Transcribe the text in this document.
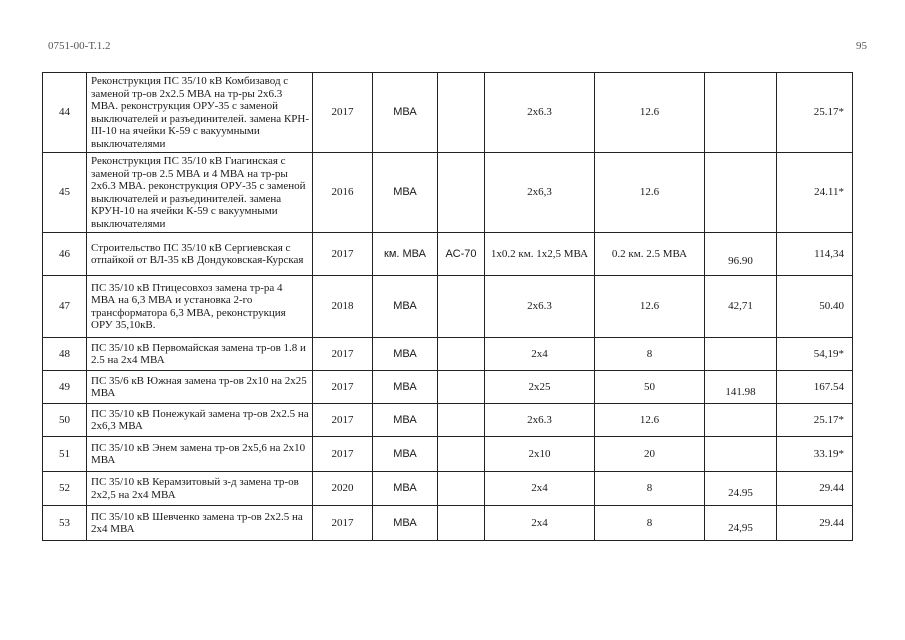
0751-00-Т.1.2	95
44	Реконструкция ПС 35/10 кВ Комбизавод с заменой тр-ов 2х2.5 МВА на тр-ры 2х6.3 МВА. реконструкция ОРУ-35 с заменой выключателей и разъединителей. замена КРН-III-10 на ячейки К-59 с вакуумными выключателями	2017	МВА		2х6.3	12.6		25.17*
45	Реконструкция ПС 35/10 кВ Гиагинская с заменой тр-ов 2.5 МВА и 4 МВА на тр-ры 2х6.3 МВА. реконструкция ОРУ-35 с заменой выключателей и разъединителей. замена КРУН-10 на ячейки К-59 с вакуумными выключателями	2016	МВА		2х6,3	12.6		24.11*
46	Строительство ПС 35/10 кВ Сергиевская с отпайкой от ВЛ-35 кВ Дондуковская-Курская	2017	км. МВА	АС-70	1х0.2 км. 1х2,5 МВА	0.2 км. 2.5 МВА	96.90	114,34
47	ПС 35/10 кВ Птицесовхоз замена тр-ра 4 МВА на 6,3 МВА и установка 2-го трансформатора 6,3 МВА, реконструкция ОРУ 35,10кВ.	2018	МВА		2х6.3	12.6	42,71	50.40
48	ПС 35/10 кВ Первомайская замена тр-ов 1.8 и 2.5 на 2х4 МВА	2017	МВА		2х4	8		54,19*
49	ПС 35/6 кВ Южная замена тр-ов 2х10 на 2х25 МВА	2017	МВА		2х25	50	141.98	167.54
50	ПС 35/10 кВ Понежукай замена тр-ов 2х2.5 на 2х6,3 МВА	2017	МВА		2х6.3	12.6		25.17*
51	ПС 35/10 кВ Энем замена тр-ов 2х5,6 на 2х10 МВА	2017	МВА		2х10	20		33.19*
52	ПС 35/10 кВ Керамзитовый з-д замена тр-ов 2х2,5 на 2х4 МВА	2020	МВА		2х4	8	24.95	29.44
53	ПС 35/10 кВ Шевченко замена тр-ов 2х2.5 на 2х4 МВА	2017	МВА		2х4	8	24,95	29.44
